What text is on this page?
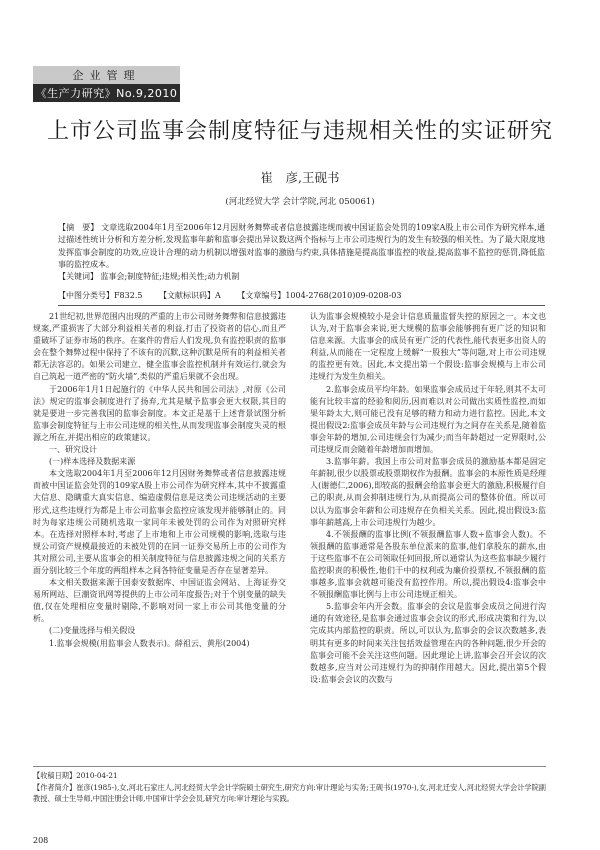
企业管理
《生产力研究》No.9,2010
上市公司监事会制度特征与违规相关性的实证研究
崔　彦,王砚书
(河北经贸大学 会计学院,河北 050061)

【摘　要】 文章选取2004年1月至2006年12月因财务舞弊或者信息披露违规而被中国证监会处罚的109家A股上市公司作为研究样本,通过描述性统计分析和方差分析,发现监事年薪和监事会提出异议数这两个指标与上市公司违规行为的发生有较强的相关性。为了最大限度地发挥监事会制度的功效,应设计合理的动力机制以增强对监事的激励与约束,具体措施是提高监事监控的收益,提高监事不监控的惩罚,降低监事的监控成本。

【关键词】 监事会;制度特征;违规;相关性;动力机制

【中图分类号】F832.5 【文献标识码】A 【文章编号】1004-2768(2010)09-0208-03

21世纪初,世界范围内出现的严重的上市公司财务舞弊和信息披露违规案,严重损害了大部分利益相关者的利益,打击了投资者的信心,而且严重破坏了证券市场的秩序。在案件的背后人们发现,负有监控职责的监事会在整个舞弊过程中保持了不该有的沉默,这种沉默是所有的利益相关者都无法容忍的。如果公司建立、健全监事会监控机制并有效运行,就会为自己筑起一道严密的“防火墙”,类似的严重后果就不会出现。

于2006年1月1日起施行的《中华人民共和国公司法》,对原《公司法》规定的监事会制度进行了扬弃,尤其是赋予监事会更大权限,其目的就是要进一步完善我国的监事会制度。本文正是基于上述背景试图分析监事会制度特征与上市公司违规的相关性,从而发现监事会制度失灵的根源之所在,并提出相应的政策建议。

一、研究设计

(一)样本选择及数据来源

本文选取2004年1月至2006年12月因财务舞弊或者信息披露违规而被中国证监会处罚的109家A股上市公司作为研究样本,其中不披露重大信息、隐瞒重大真实信息、编造虚假信息是这类公司违规活动的主要形式,这些违规行为都是上市公司监事会监控应该发现并能够制止的。同时为每家违规公司随机选取一家同年未被处罚的公司作为对照研究样本。在选择对照样本时,考虑了上市地和上市公司规模的影响,选取与违规公司资产规模最接近的未被处罚的在同一证券交易所上市的公司作为其对照公司,主要从监事会的相关制度特征与信息披露违规之间的关系方面分别比较三个年度的两组样本之间各特征变量是否存在显著差异。

本文相关数据来源于国泰安数据库、中国证监会网站、上海证券交易所网站、巨潮资讯网等提供的上市公司年度报告;对于个别变量的缺失值,仅在处理相应变量时剔除,不影响对同一家上市公司其他变量的分析。

(二)变量选择与相关假设

1.监事会规模(用监事会人数表示)。薛祖云、黄彤(2004)

认为监事会规模较小是会计信息质量监督失控的原因之一。本文也认为,对于监事会来说,更大规模的监事会能够拥有更广泛的知识和信息来源。大监事会的成员有更广泛的代表性,能代表更多出资人的利益,从而能在一定程度上缓解“一股独大”等问题,对上市公司违规的监控更有效。因此,本文提出第一个假设:监事会规模与上市公司违规行为发生负相关。

2.监事会成员平均年龄。如果监事会成员过于年轻,则其不太可能有比较丰富的经验和阅历,因而难以对公司做出实质性监控,而如果年龄太大,则可能已没有足够的精力和动力进行监控。因此,本文提出假设2:监事会成员年龄与公司违规行为之间存在关系是,随着监事会年龄的增加,公司违规会行为减少;而当年龄超过一定界限时,公司违规反而会随着年龄增加而增加。

3.监事年薪。我国上市公司对监事会成员的激励基本都是固定年薪制,很少以股票或股票期权作为报酬。监事会的本原性质是经理人(谢德仁,2006),即较高的报酬会给监事会更大的激励,积极履行自己的职责,从而会抑制违规行为,从而提高公司的整体价值。所以可以认为监事会年薪和公司违规存在负相关关系。因此,提出假设3:监事年薪越高,上市公司违规行为越少。

4.不领报酬的监事比例(不领报酬监事人数÷监事会人数)。不领报酬的监事通常是各股东单位派来的监事,他们拿股东的薪水,由于这些监事不在公司领取任何回报,所以通常认为这些监事缺少履行监控职责的积极性,他们干中的权利或为廉价投票权,不领报酬的监事越多,监事会就越可能没有监控作用。所以,提出假设4:监事会中不领报酬监事比例与上市公司违规正相关。

5.监事会年内开会数。监事会的会议是监事会成员之间进行沟通的有效途径,是监事会通过监事会会议的形式,形成决策和行为,以完成其内部监控的职责。所以,可以认为,监事会的会议次数越多,表明其有更多的时间来关注包括效益管理在内的各种问题,很少开会的监事会可能不会关注这些问题。因此理论上讲,监事会召开会议的次数越多,应当对公司违规行为的抑制作用越大。因此,提出第5个假设:监事会会议的次数与

【收稿日期】2010-04-21
【作者简介】崔彦(1985-),女,河北石家庄人,河北经贸大学会计学院硕士研究生,研究方向:审计理论与实务;王砚书(1970-),女,河北迁安人,河北经贸大学会计学院副教授、硕士生导师,中国注册会计师,中国审计学会会员,研究方向:审计理论与实践。
208
